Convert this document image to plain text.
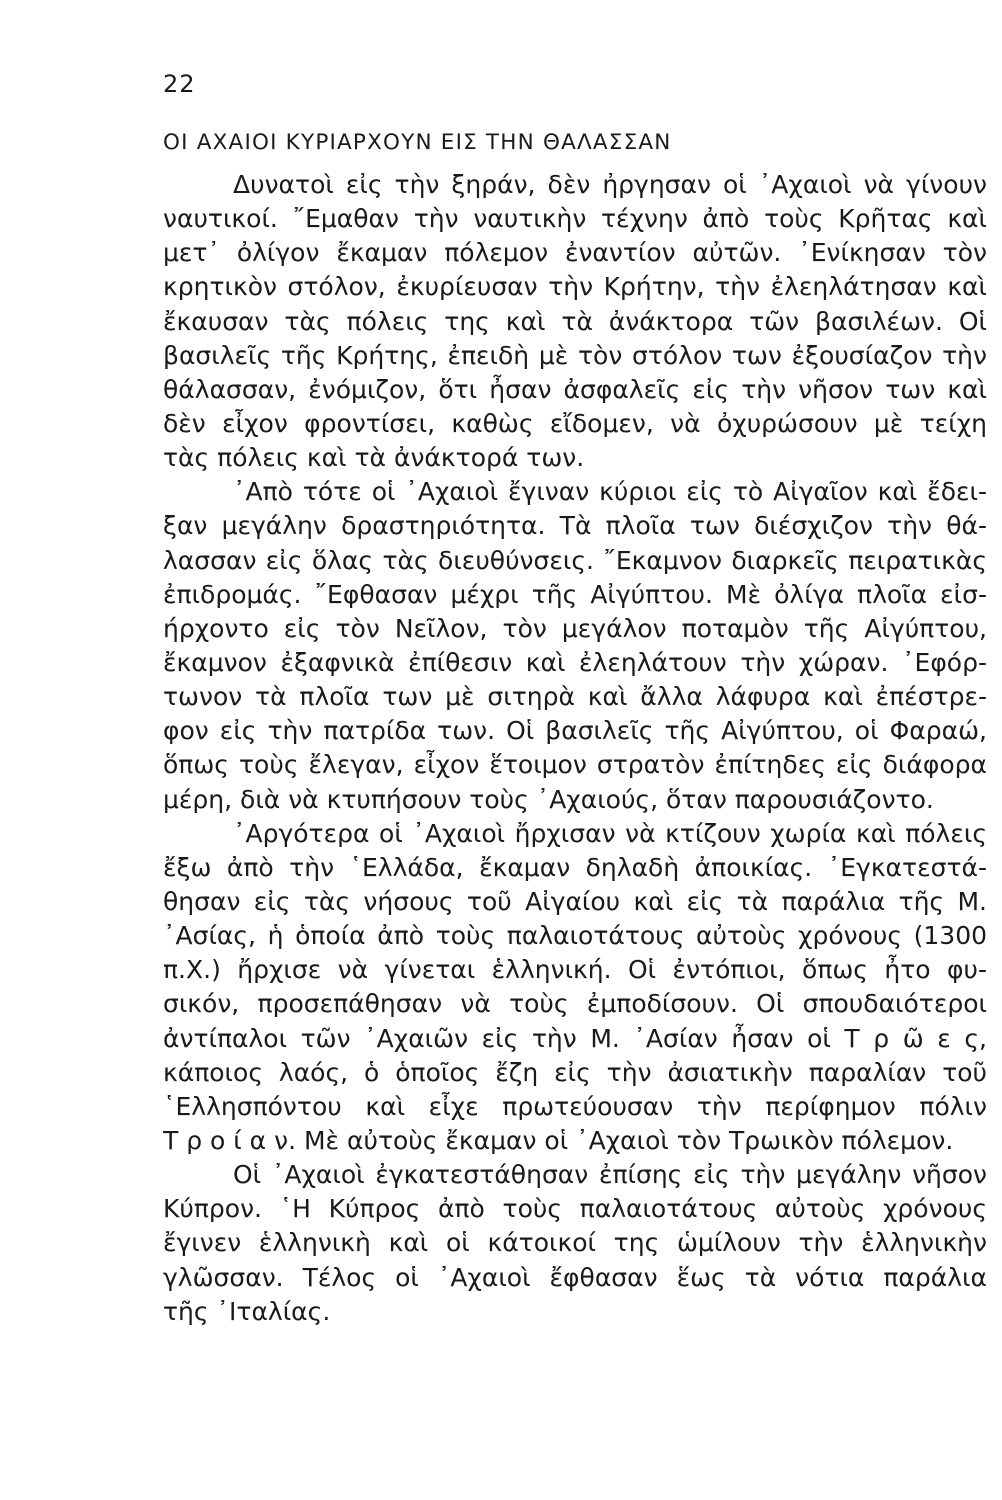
22
ΟΙ ΑΧΑΙΟΙ ΚΥΡΙΑΡΧΟΥΝ ΕΙΣ ΤΗΝ ΘΑΛΑΣΣΑΝ
Δυνατοὶ εἰς τὴν ξηράν, δὲν ἠργησαν οἱ ᾿Αχαιοὶ νὰ γίνουν
ναυτικοί. ῎Εμαθαν τὴν ναυτικὴν τέχνην ἀπὸ τοὺς Κρῆτας καὶ
μετ᾿ ὀλίγον ἔκαμαν πόλεμον ἐναντίον αὐτῶν. ᾿Ενίκησαν τὸν
κρητικὸν στόλον, ἐκυρίευσαν τὴν Κρήτην, τὴν ἐλεηλάτησαν καὶ
ἔκαυσαν τὰς πόλεις της καὶ τὰ ἀνάκτορα τῶν βασιλέων. Οἱ
βασιλεῖς τῆς Κρήτης, ἐπειδὴ μὲ τὸν στόλον των ἐξουσίαζον τὴν
θάλασσαν, ἐνόμιζον, ὅτι ἦσαν ἀσφαλεῖς εἰς τὴν νῆσον των καὶ
δὲν εἶχον φροντίσει, καθὼς εἴδομεν, νὰ ὀχυρώσουν μὲ τείχη
τὰς πόλεις καὶ τὰ ἀνάκτορά των.
᾿Απὸ τότε οἱ ᾿Αχαιοὶ ἔγιναν κύριοι εἰς τὸ Αἰγαῖον καὶ ἔδει-
ξαν μεγάλην δραστηριότητα. Τὰ πλοῖα των διέσχιζον τὴν θά-
λασσαν εἰς ὅλας τὰς διευθύνσεις. ῎Εκαμνον διαρκεῖς πειρατικὰς
ἐπιδρομάς. ῎Εφθασαν μέχρι τῆς Αἰγύπτου. Μὲ ὀλίγα πλοῖα εἰσ-
ήρχοντο εἰς τὸν Νεῖλον, τὸν μεγάλον ποταμὸν τῆς Αἰγύπτου,
ἔκαμνον ἐξαφνικὰ ἐπίθεσιν καὶ ἐλεηλάτουν τὴν χώραν. ᾿Εφόρ-
τωνον τὰ πλοῖα των μὲ σιτηρὰ καὶ ἄλλα λάφυρα καὶ ἐπέστρε-
φον εἰς τὴν πατρίδα των. Οἱ βασιλεῖς τῆς Αἰγύπτου, οἱ Φαραώ,
ὅπως τοὺς ἔλεγαν, εἶχον ἕτοιμον στρατὸν ἐπίτηδες εἰς διάφορα
μέρη, διὰ νὰ κτυπήσουν τοὺς ᾿Αχαιούς, ὅταν παρουσιάζοντο.
᾿Αργότερα οἱ ᾿Αχαιοὶ ἤρχισαν νὰ κτίζουν χωρία καὶ πόλεις
ἔξω ἀπὸ τὴν ῾Ελλάδα, ἔκαμαν δηλαδὴ ἀποικίας. ᾿Εγκατεστά-
θησαν εἰς τὰς νήσους τοῦ Αἰγαίου καὶ εἰς τὰ παράλια τῆς Μ.
᾿Ασίας, ἡ ὁποία ἀπὸ τοὺς παλαιοτάτους αὐτοὺς χρόνους (1300
π.Χ.) ἤρχισε νὰ γίνεται ἑλληνική. Οἱ ἐντόπιοι, ὅπως ἦτο φυ-
σικόν, προσεπάθησαν νὰ τοὺς ἐμποδίσουν. Οἱ σπουδαιότεροι
ἀντίπαλοι τῶν ᾿Αχαιῶν εἰς τὴν Μ. ᾿Ασίαν ἦσαν οἱ Τ ρ ῶ ε ς,
κάποιος λαός, ὁ ὁποῖος ἔζη εἰς τὴν ἀσιατικὴν παραλίαν τοῦ
῾Ελλησπόντου καὶ εἶχε πρωτεύουσαν τὴν περίφημον πόλιν
Τ ρ ο ί α ν. Μὲ αὐτοὺς ἔκαμαν οἱ ᾿Αχαιοὶ τὸν Τρωικὸν πόλεμον.
Οἱ ᾿Αχαιοὶ ἐγκατεστάθησαν ἐπίσης εἰς τὴν μεγάλην νῆσον
Κύπρον. ῾Η Κύπρος ἀπὸ τοὺς παλαιοτάτους αὐτοὺς χρόνους
ἔγινεν ἑλληνικὴ καὶ οἱ κάτοικοί της ὡμίλουν τὴν ἑλληνικὴν
γλῶσσαν. Τέλος οἱ ᾿Αχαιοὶ ἔφθασαν ἕως τὰ νότια παράλια
τῆς ᾿Ιταλίας.
